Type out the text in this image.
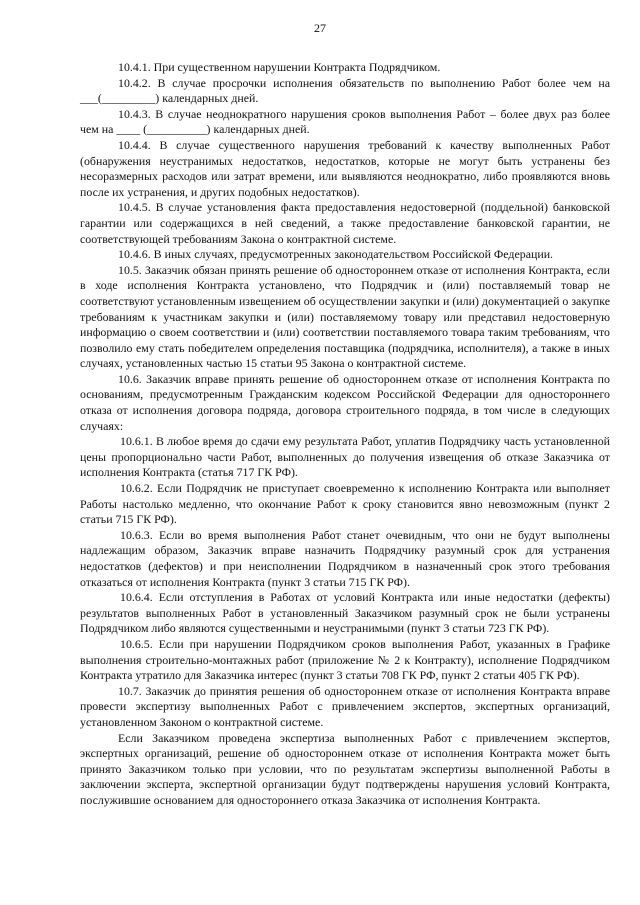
27

10.4.1. При существенном нарушении Контракта Подрядчиком.

10.4.2. В случае просрочки исполнения обязательств по выполнению Работ более чем на ___(_________) календарных дней.

10.4.3. В случае неоднократного нарушения сроков выполнения Работ – более двух раз более чем на ____ (__________) календарных дней.

10.4.4. В случае существенного нарушения требований к качеству выполненных Работ (обнаружения неустранимых недостатков, недостатков, которые не могут быть устранены без несоразмерных расходов или затрат времени, или выявляются неоднократно, либо проявляются вновь после их устранения, и других подобных недостатков).

10.4.5. В случае установления факта предоставления недостоверной (поддельной) банковской гарантии или содержащихся в ней сведений, а также предоставление банковской гарантии, не соответствующей требованиям Закона о контрактной системе.

10.4.6. В иных случаях, предусмотренных законодательством Российской Федерации.

10.5. Заказчик обязан принять решение об одностороннем отказе от исполнения Контракта, если в ходе исполнения Контракта установлено, что Подрядчик и (или) поставляемый товар не соответствуют установленным извещением об осуществлении закупки и (или) документацией о закупке требованиям к участникам закупки и (или) поставляемому товару или представил недостоверную информацию о своем соответствии и (или) соответствии поставляемого товара таким требованиям, что позволило ему стать победителем определения поставщика (подрядчика, исполнителя), а также в иных случаях, установленных частью 15 статьи 95 Закона о контрактной системе.

10.6. Заказчик вправе принять решение об одностороннем отказе от исполнения Контракта по основаниям, предусмотренным Гражданским кодексом Российской Федерации для одностороннего отказа от исполнения договора подряда, договора строительного подряда, в том числе в следующих случаях:

10.6.1. В любое время до сдачи ему результата Работ, уплатив Подрядчику часть установленной цены пропорционально части Работ, выполненных до получения извещения об отказе Заказчика от исполнения Контракта (статья 717 ГК РФ).

10.6.2. Если Подрядчик не приступает своевременно к исполнению Контракта или выполняет Работы настолько медленно, что окончание Работ к сроку становится явно невозможным (пункт 2 статьи 715 ГК РФ).

10.6.3. Если во время выполнения Работ станет очевидным, что они не будут выполнены надлежащим образом, Заказчик вправе назначить Подрядчику разумный срок для устранения недостатков (дефектов) и при неисполнении Подрядчиком в назначенный срок этого требования отказаться от исполнения Контракта (пункт 3 статьи 715 ГК РФ).

10.6.4. Если отступления в Работах от условий Контракта или иные недостатки (дефекты) результатов выполненных Работ в установленный Заказчиком разумный срок не были устранены Подрядчиком либо являются существенными и неустранимыми (пункт 3 статьи 723 ГК РФ).

10.6.5. Если при нарушении Подрядчиком сроков выполнения Работ, указанных в Графике выполнения строительно-монтажных работ (приложение № 2 к Контракту), исполнение Подрядчиком Контракта утратило для Заказчика интерес (пункт 3 статьи 708 ГК РФ, пункт 2 статьи 405 ГК РФ).

10.7. Заказчик до принятия решения об одностороннем отказе от исполнения Контракта вправе провести экспертизу выполненных Работ с привлечением экспертов, экспертных организаций, установленном Законом о контрактной системе.

Если Заказчиком проведена экспертиза выполненных Работ с привлечением экспертов, экспертных организаций, решение об одностороннем отказе от исполнения Контракта может быть принято Заказчиком только при условии, что по результатам экспертизы выполненной Работы в заключении эксперта, экспертной организации будут подтверждены нарушения условий Контракта, послужившие основанием для одностороннего отказа Заказчика от исполнения Контракта.
